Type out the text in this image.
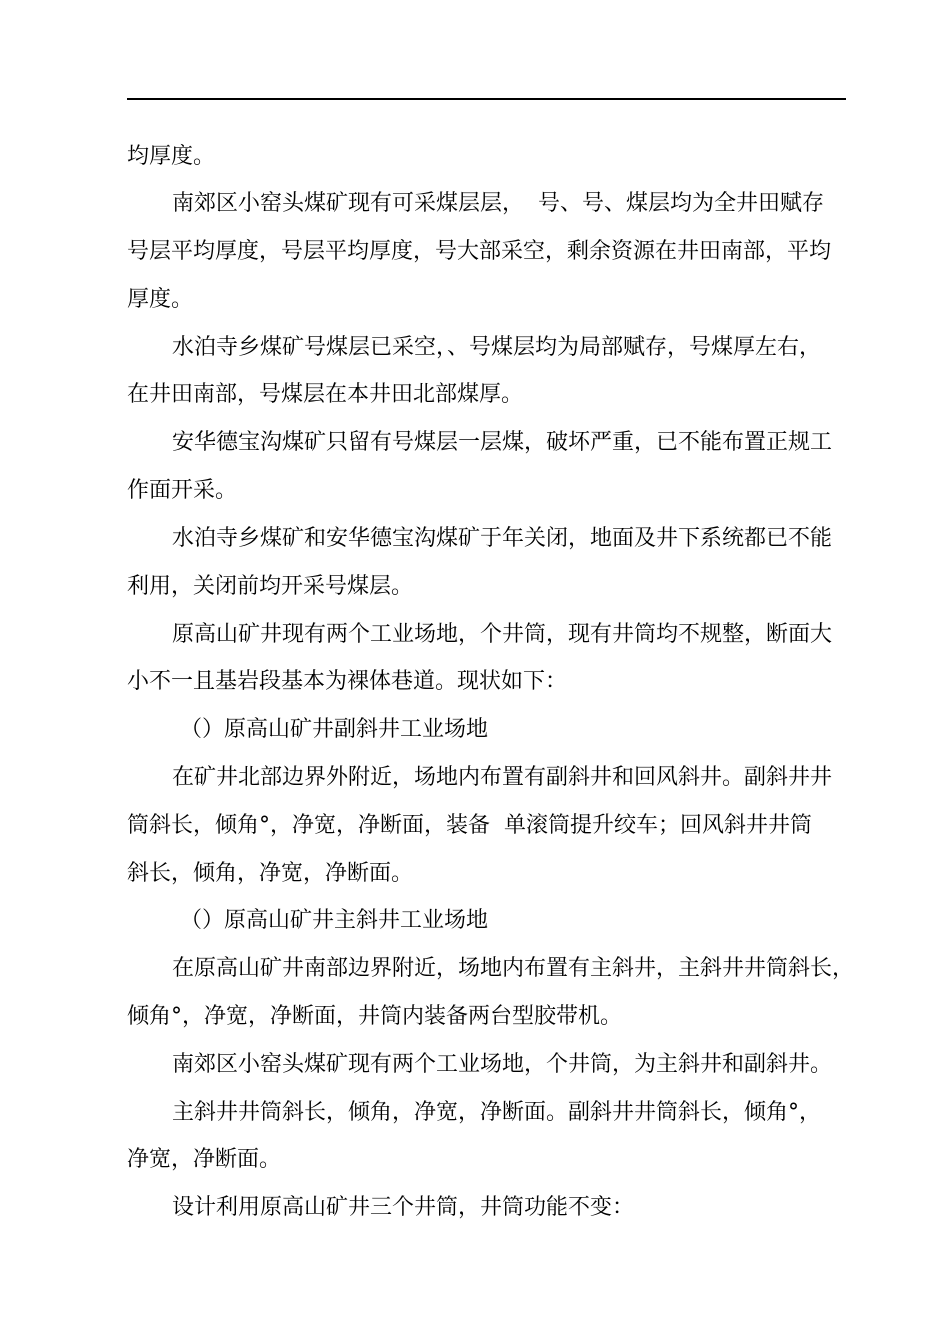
均厚度。
南郊区小窑头煤矿现有可采煤层层，  号、号、煤层均为全井田赋存
号层平均厚度，号层平均厚度，号大部采空，剩余资源在井田南部，平均
厚度。
水泊寺乡煤矿号煤层已采空，、号煤层均为局部赋存，号煤厚左右，
在井田南部，号煤层在本井田北部煤厚。
安华德宝沟煤矿只留有号煤层一层煤，破坏严重，已不能布置正规工
作面开采。
水泊寺乡煤矿和安华德宝沟煤矿于年关闭，地面及井下系统都已不能
利用，关闭前均开采号煤层。
原高山矿井现有两个工业场地，个井筒，现有井筒均不规整，断面大
小不一且基岩段基本为裸体巷道。现状如下：
（）原高山矿井副斜井工业场地
在矿井北部边界外附近，场地内布置有副斜井和回风斜井。副斜井井
筒斜长，倾角°，净宽，净断面，装备  单滚筒提升绞车；回风斜井井筒
斜长，倾角，净宽，净断面。
（）原高山矿井主斜井工业场地
在原高山矿井南部边界附近，场地内布置有主斜井，主斜井井筒斜长，
倾角°，净宽，净断面，井筒内装备两台型胶带机。
南郊区小窑头煤矿现有两个工业场地，个井筒，为主斜井和副斜井。
主斜井井筒斜长，倾角，净宽，净断面。副斜井井筒斜长，倾角°，
净宽，净断面。
设计利用原高山矿井三个井筒，井筒功能不变：
